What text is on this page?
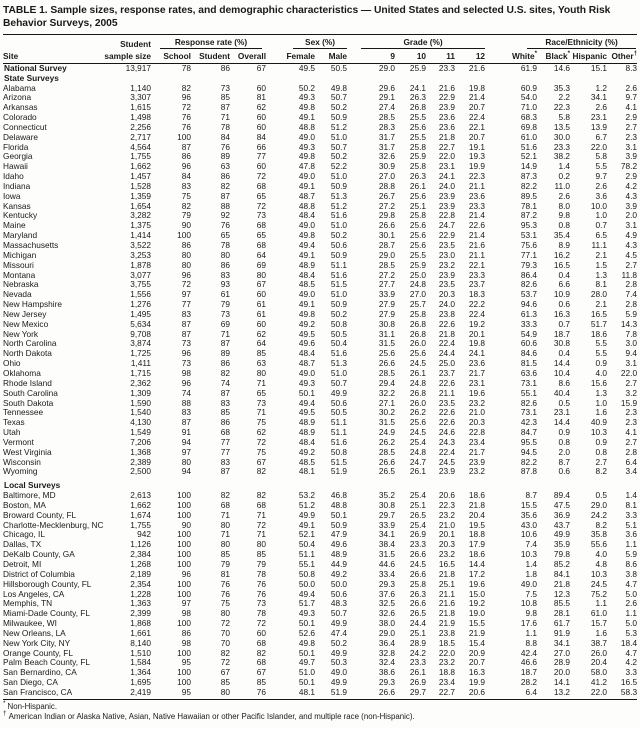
TABLE 1. Sample sizes, response rates, and demographic characteristics — United States and selected U.S. sites, Youth Risk Behavior Surveys, 2005
	Student	Response rate (%)			Sex (%)		Grade (%)				Race/Ethnicity (%)			

Site	sample size	School	Student	Overall	Female	Male	9	10	11	12	White*	Black*	Hispanic	Other†
National Survey	13,917	78	86	67	49.5	50.5	29.0	25.9	23.3	21.6	61.9	14.6	15.1	8.3
State Surveys														
Alabama	1,140	82	73	60	50.2	49.8	29.6	24.1	21.6	19.8	60.9	35.3	1.2	2.6
Arizona	3,307	96	85	81	49.3	50.7	29.1	26.3	22.9	21.4	54.0	2.2	34.1	9.7
Arkansas	1,615	72	87	62	49.8	50.2	27.4	26.8	23.9	20.7	71.0	22.3	2.6	4.1
Colorado	1,498	76	71	60	49.1	50.9	28.5	25.5	23.6	22.4	68.3	5.8	23.1	2.9
Connecticut	2,256	76	78	60	48.8	51.2	28.3	25.6	23.6	22.1	69.8	13.5	13.9	2.7
Delaware	2,717	100	84	84	49.0	51.0	31.7	25.5	21.8	20.7	61.0	30.0	6.7	2.3
Florida	4,564	87	76	66	49.3	50.7	31.7	25.8	22.7	19.1	51.6	23.3	22.0	3.1
Georgia	1,755	86	89	77	49.8	50.2	32.6	25.9	22.0	19.3	52.1	38.2	5.8	3.9
Hawaii	1,662	96	63	60	47.8	52.2	30.9	25.8	23.1	19.9	14.9	1.4	5.5	78.2
Idaho	1,457	84	86	72	49.0	51.0	27.0	26.3	24.1	22.3	87.3	0.2	9.7	2.9
Indiana	1,528	83	82	68	49.1	50.9	28.8	26.1	24.0	21.1	82.2	11.0	2.6	4.2
Iowa	1,359	75	87	65	48.7	51.3	26.7	25.6	23.9	23.6	89.5	2.6	3.6	4.3
Kansas	1,654	82	88	72	48.8	51.2	27.2	25.1	23.9	23.3	78.1	8.0	10.0	3.9
Kentucky	3,282	79	92	73	48.4	51.6	29.8	25.8	22.8	21.4	87.2	9.8	1.0	2.0
Maine	1,375	90	76	68	49.0	51.0	26.6	25.6	24.7	22.6	95.3	0.8	0.7	3.1
Maryland	1,414	100	65	65	49.8	50.2	30.1	25.6	22.9	21.4	53.1	35.4	6.5	4.9
Massachusetts	3,522	86	78	68	49.4	50.6	28.7	25.6	23.5	21.6	75.6	8.9	11.1	4.3
Michigan	3,253	80	80	64	49.1	50.9	29.0	25.5	23.0	21.1	77.1	16.2	2.1	4.5
Missouri	1,878	80	86	69	48.9	51.1	28.5	25.9	23.2	22.1	79.3	16.5	1.5	2.7
Montana	3,077	96	83	80	48.4	51.6	27.2	25.0	23.9	23.3	86.4	0.4	1.3	11.8
Nebraska	3,755	72	93	67	48.5	51.5	27.7	24.8	23.5	23.7	82.6	6.6	8.1	2.8
Nevada	1,556	97	61	60	49.0	51.0	33.9	27.0	20.3	18.3	53.7	10.9	28.0	7.4
New Hampshire	1,276	77	79	61	49.1	50.9	27.9	25.7	24.0	22.2	94.6	0.6	2.1	2.8
New Jersey	1,495	83	73	61	49.8	50.2	27.9	25.8	23.8	22.4	61.3	16.3	16.5	5.9
New Mexico	5,634	87	69	60	49.2	50.8	30.8	26.8	22.6	19.2	33.3	0.7	51.7	14.3
New York	9,708	87	71	62	49.5	50.5	31.1	26.8	21.8	20.1	54.9	18.7	18.6	7.8
North Carolina	3,874	73	87	64	49.6	50.4	31.5	26.0	22.4	19.8	60.6	30.8	5.5	3.0
North Dakota	1,725	96	89	85	48.4	51.6	25.6	25.6	24.4	24.1	84.6	0.4	5.5	9.4
Ohio	1,411	73	86	63	48.7	51.3	26.6	24.5	25.0	23.6	81.5	14.4	0.9	3.1
Oklahoma	1,715	98	82	80	49.0	51.0	28.5	26.1	23.7	21.7	63.6	10.4	4.0	22.0
Rhode Island	2,362	96	74	71	49.3	50.7	29.4	24.8	22.6	23.1	73.1	8.6	15.6	2.7
South Carolina	1,309	74	87	65	50.1	49.9	32.2	26.8	21.1	19.6	55.1	40.4	1.3	3.2
South Dakota	1,590	88	83	73	49.4	50.6	27.1	26.0	23.5	23.2	82.6	0.5	1.0	15.9
Tennessee	1,540	83	85	71	49.5	50.5	30.2	26.2	22.6	21.0	73.1	23.1	1.6	2.3
Texas	4,130	87	86	75	48.9	51.1	31.5	25.6	22.6	20.3	42.3	14.4	40.9	2.3
Utah	1,549	91	68	62	48.9	51.1	24.9	24.5	24.6	22.8	84.7	0.9	10.3	4.1
Vermont	7,206	94	77	72	48.4	51.6	26.2	25.4	24.3	23.4	95.5	0.8	0.9	2.7
West Virginia	1,368	97	77	75	49.2	50.8	28.5	24.8	22.4	21.7	94.5	2.0	0.8	2.8
Wisconsin	2,389	80	83	67	48.5	51.5	26.6	24.7	24.5	23.9	82.2	8.7	2.7	6.4
Wyoming	2,500	94	87	82	48.1	51.9	26.5	26.1	23.9	23.2	87.8	0.6	8.2	3.4
Local Surveys														
Baltimore, MD	2,613	100	82	82	53.2	46.8	35.2	25.4	20.6	18.6	8.7	89.4	0.5	1.4
Boston, MA	1,662	100	68	68	51.2	48.8	30.8	25.1	22.3	21.8	15.5	47.5	29.0	8.1
Broward County, FL	1,674	100	71	71	49.9	50.1	29.7	26.5	23.2	20.4	35.6	36.9	24.2	3.3
Charlotte-Mecklenburg, NC	1,755	90	80	72	49.1	50.9	33.9	25.4	21.0	19.5	43.0	43.7	8.2	5.1
Chicago, IL	942	100	71	71	52.1	47.9	34.1	26.9	20.1	18.8	10.6	49.9	35.8	3.6
Dallas, TX	1,126	100	80	80	50.4	49.6	38.4	23.3	20.3	17.9	7.4	35.9	55.6	1.1
DeKalb County, GA	2,384	100	85	85	51.1	48.9	31.5	26.6	23.2	18.6	10.3	79.8	4.0	5.9
Detroit, MI	1,268	100	79	79	55.1	44.9	44.6	24.5	16.5	14.4	1.4	85.2	4.8	8.6
District of Columbia	2,189	96	81	78	50.8	49.2	33.4	26.6	21.8	17.2	1.8	84.1	10.3	3.8
Hillsborough County, FL	2,354	100	76	76	50.0	50.0	29.3	25.8	25.1	19.6	49.0	21.8	24.5	4.7
Los Angeles, CA	1,228	100	76	76	49.4	50.6	37.6	26.3	21.1	15.0	7.5	12.3	75.2	5.0
Memphis, TN	1,363	97	75	73	51.7	48.3	32.5	26.6	21.6	19.2	10.8	85.5	1.1	2.6
Miami-Dade County, FL	2,399	98	80	78	49.3	50.7	32.6	26.5	21.8	19.0	9.8	28.1	61.0	1.1
Milwaukee, WI	1,868	100	72	72	50.1	49.9	38.0	24.4	21.9	15.5	17.6	61.7	15.7	5.0
New Orleans, LA	1,661	86	70	60	52.6	47.4	29.0	25.1	23.8	21.9	1.1	91.9	1.6	5.3
New York City, NY	8,140	98	70	68	49.8	50.2	36.4	28.9	18.5	15.4	8.8	34.1	38.7	18.4
Orange County, FL	1,510	100	82	82	50.1	49.9	32.8	24.2	22.0	20.9	42.4	27.0	26.0	4.7
Palm Beach County, FL	1,584	95	72	68	49.7	50.3	32.4	23.3	23.2	20.7	46.6	28.9	20.4	4.2
San Bernardino, CA	1,364	100	67	67	51.0	49.0	38.6	26.1	18.8	16.3	18.7	20.0	58.0	3.3
San Diego, CA	1,695	100	85	85	50.1	49.9	29.3	26.9	23.4	19.9	28.2	14.1	41.2	16.5
San Francisco, CA	2,419	95	80	76	48.1	51.9	26.6	29.7	22.7	20.6	6.4	13.2	22.0	58.3
* Non-Hispanic.
† American Indian or Alaska Native, Asian, Native Hawaiian or other Pacific Islander, and multiple race (non-Hispanic).
